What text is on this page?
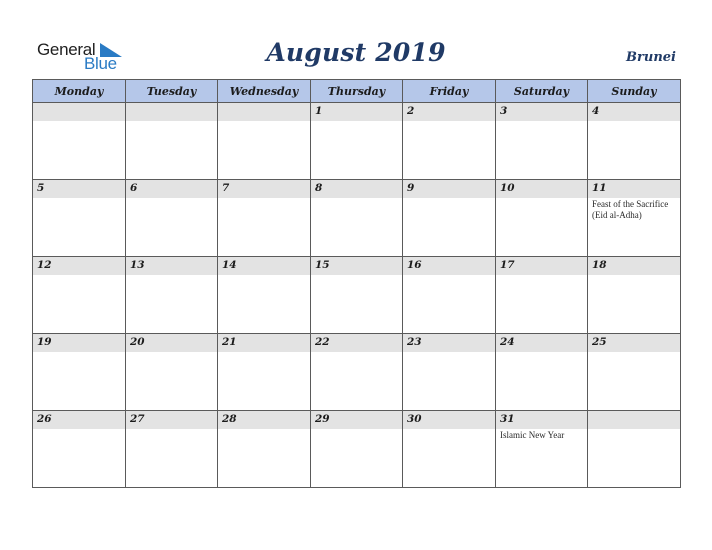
General
Blue	August 2019	Brunei
Monday	Tuesday	Wednesday	Thursday	Friday	Saturday	Sunday

			1	2	3	4

5	6	7	8	9	10	11
Feast of the Sacrifice (Eid al-Adha)

12	13	14	15	16	17	18

19	20	21	22	23	24	25

26	27	28	29	30	31
Islamic New Year	
